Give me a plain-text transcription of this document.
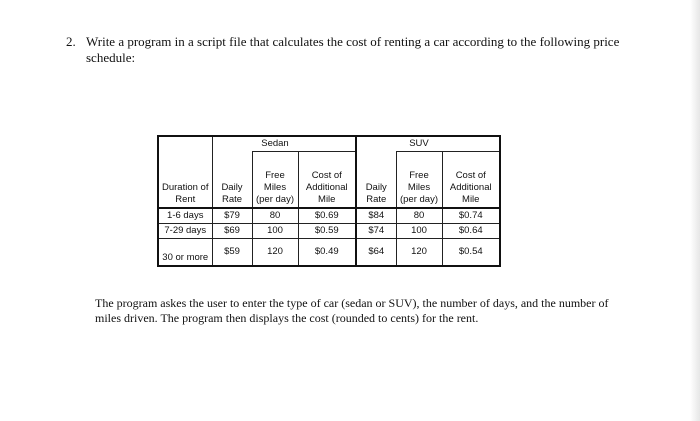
2. Write a program in a script file that calculates the cost of renting a car according to the following price schedule:
		Sedan			SUV	
Duration of Rent	Daily Rate	Free Miles (per day)	Cost of Additional Mile	Daily Rate	Free Miles (per day)	Cost of Additional Mile
1-6 days	$79	80	$0.69	$84	80	$0.74
7-29 days	$69	100	$0.59	$74	100	$0.64
30 or more	$59	120	$0.49	$64	120	$0.54
The program askes the user to enter the type of car (sedan or SUV), the number of days, and the number of miles driven. The program then displays the cost (rounded to cents) for the rent.
